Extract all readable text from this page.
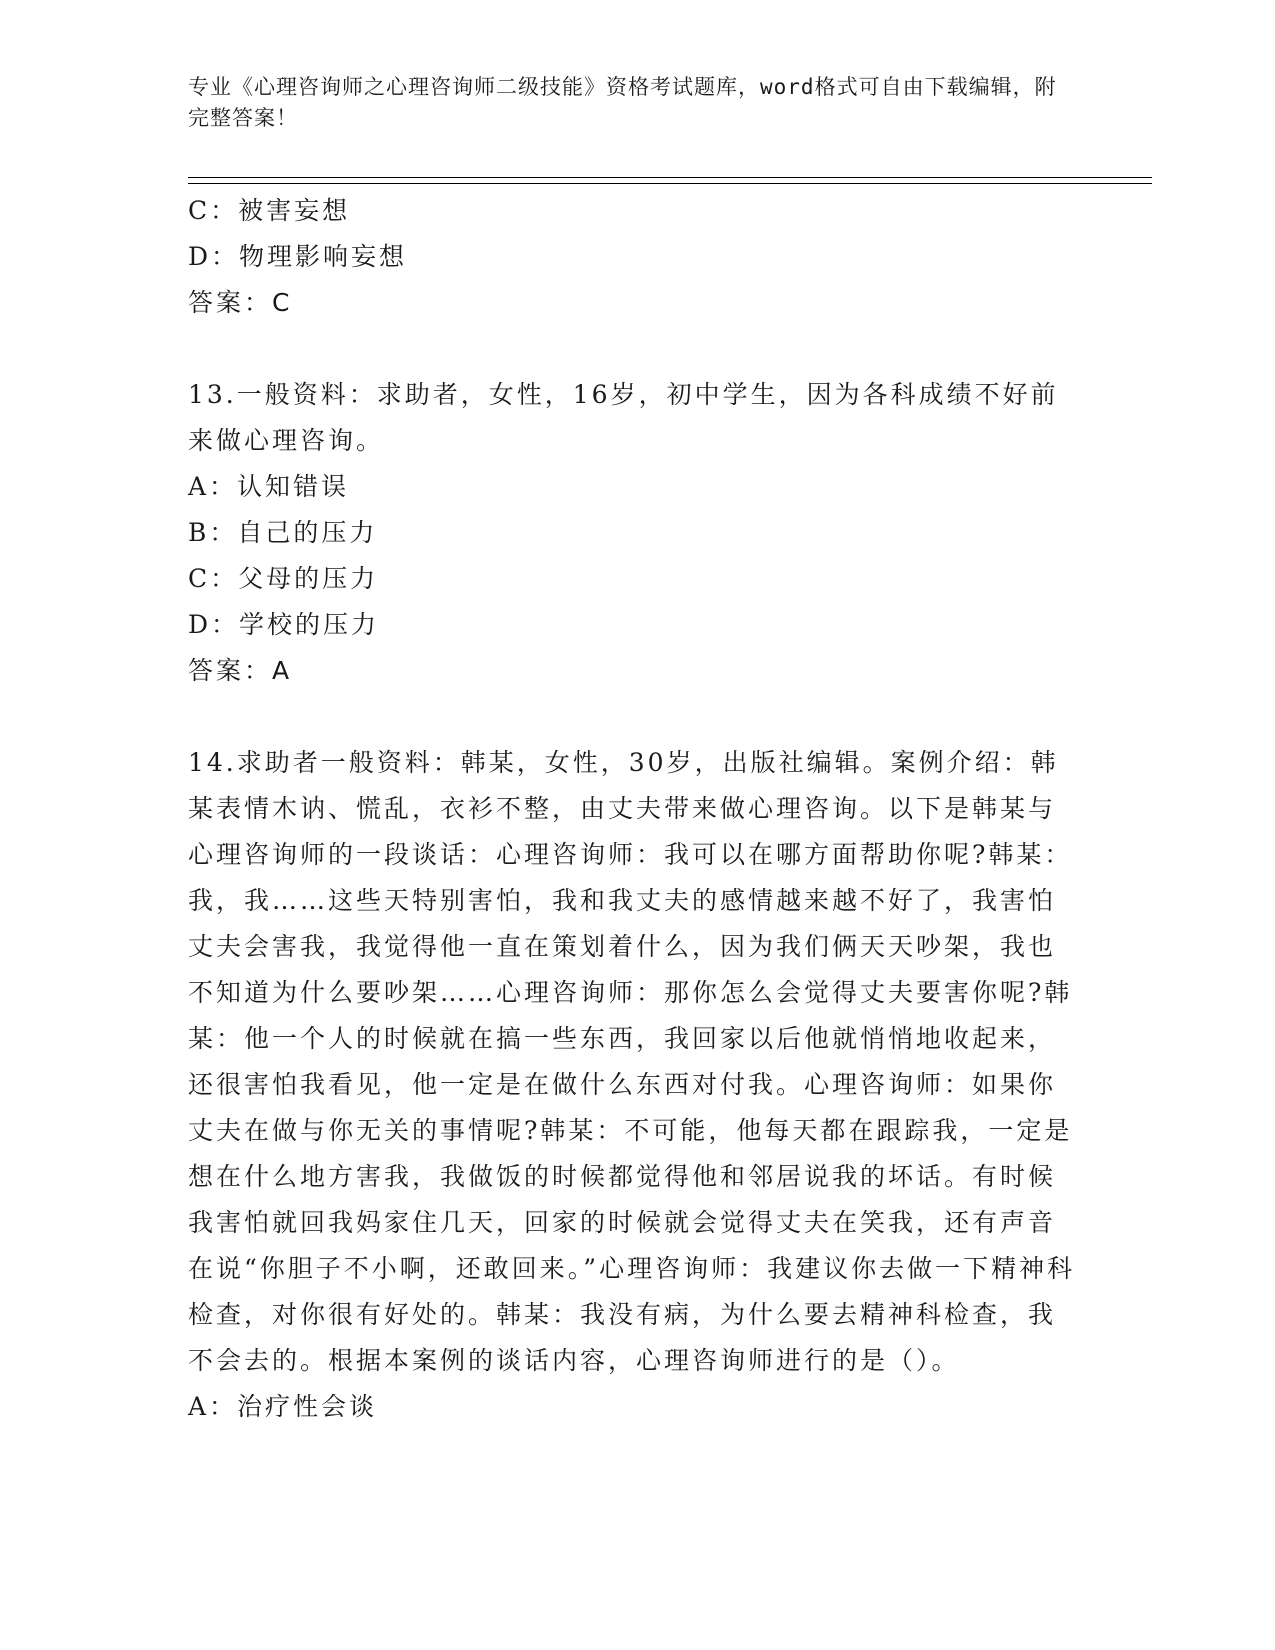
专业《心理咨询师之心理咨询师二级技能》资格考试题库，word格式可自由下载编辑，附完整答案！
C：被害妄想
D：物理影响妄想
答案：C
13.一般资料：求助者，女性，16岁，初中学生，因为各科成绩不好前来做心理咨询。
A：认知错误
B：自己的压力
C：父母的压力
D：学校的压力
答案：A
14.求助者一般资料：韩某，女性，30岁，出版社编辑。案例介绍：韩某表情木讷、慌乱，衣衫不整，由丈夫带来做心理咨询。以下是韩某与心理咨询师的一段谈话：心理咨询师：我可以在哪方面帮助你呢?韩某：我，我……这些天特别害怕，我和我丈夫的感情越来越不好了，我害怕丈夫会害我，我觉得他一直在策划着什么，因为我们俩天天吵架，我也不知道为什么要吵架……心理咨询师：那你怎么会觉得丈夫要害你呢?韩某：他一个人的时候就在搞一些东西，我回家以后他就悄悄地收起来，还很害怕我看见，他一定是在做什么东西对付我。心理咨询师：如果你丈夫在做与你无关的事情呢?韩某：不可能，他每天都在跟踪我，一定是想在什么地方害我，我做饭的时候都觉得他和邻居说我的坏话。有时候我害怕就回我妈家住几天，回家的时候就会觉得丈夫在笑我，还有声音在说“你胆子不小啊，还敢回来。”心理咨询师：我建议你去做一下精神科检查，对你很有好处的。韩某：我没有病，为什么要去精神科检查，我不会去的。根据本案例的谈话内容，心理咨询师进行的是（）。
A：治疗性会谈
